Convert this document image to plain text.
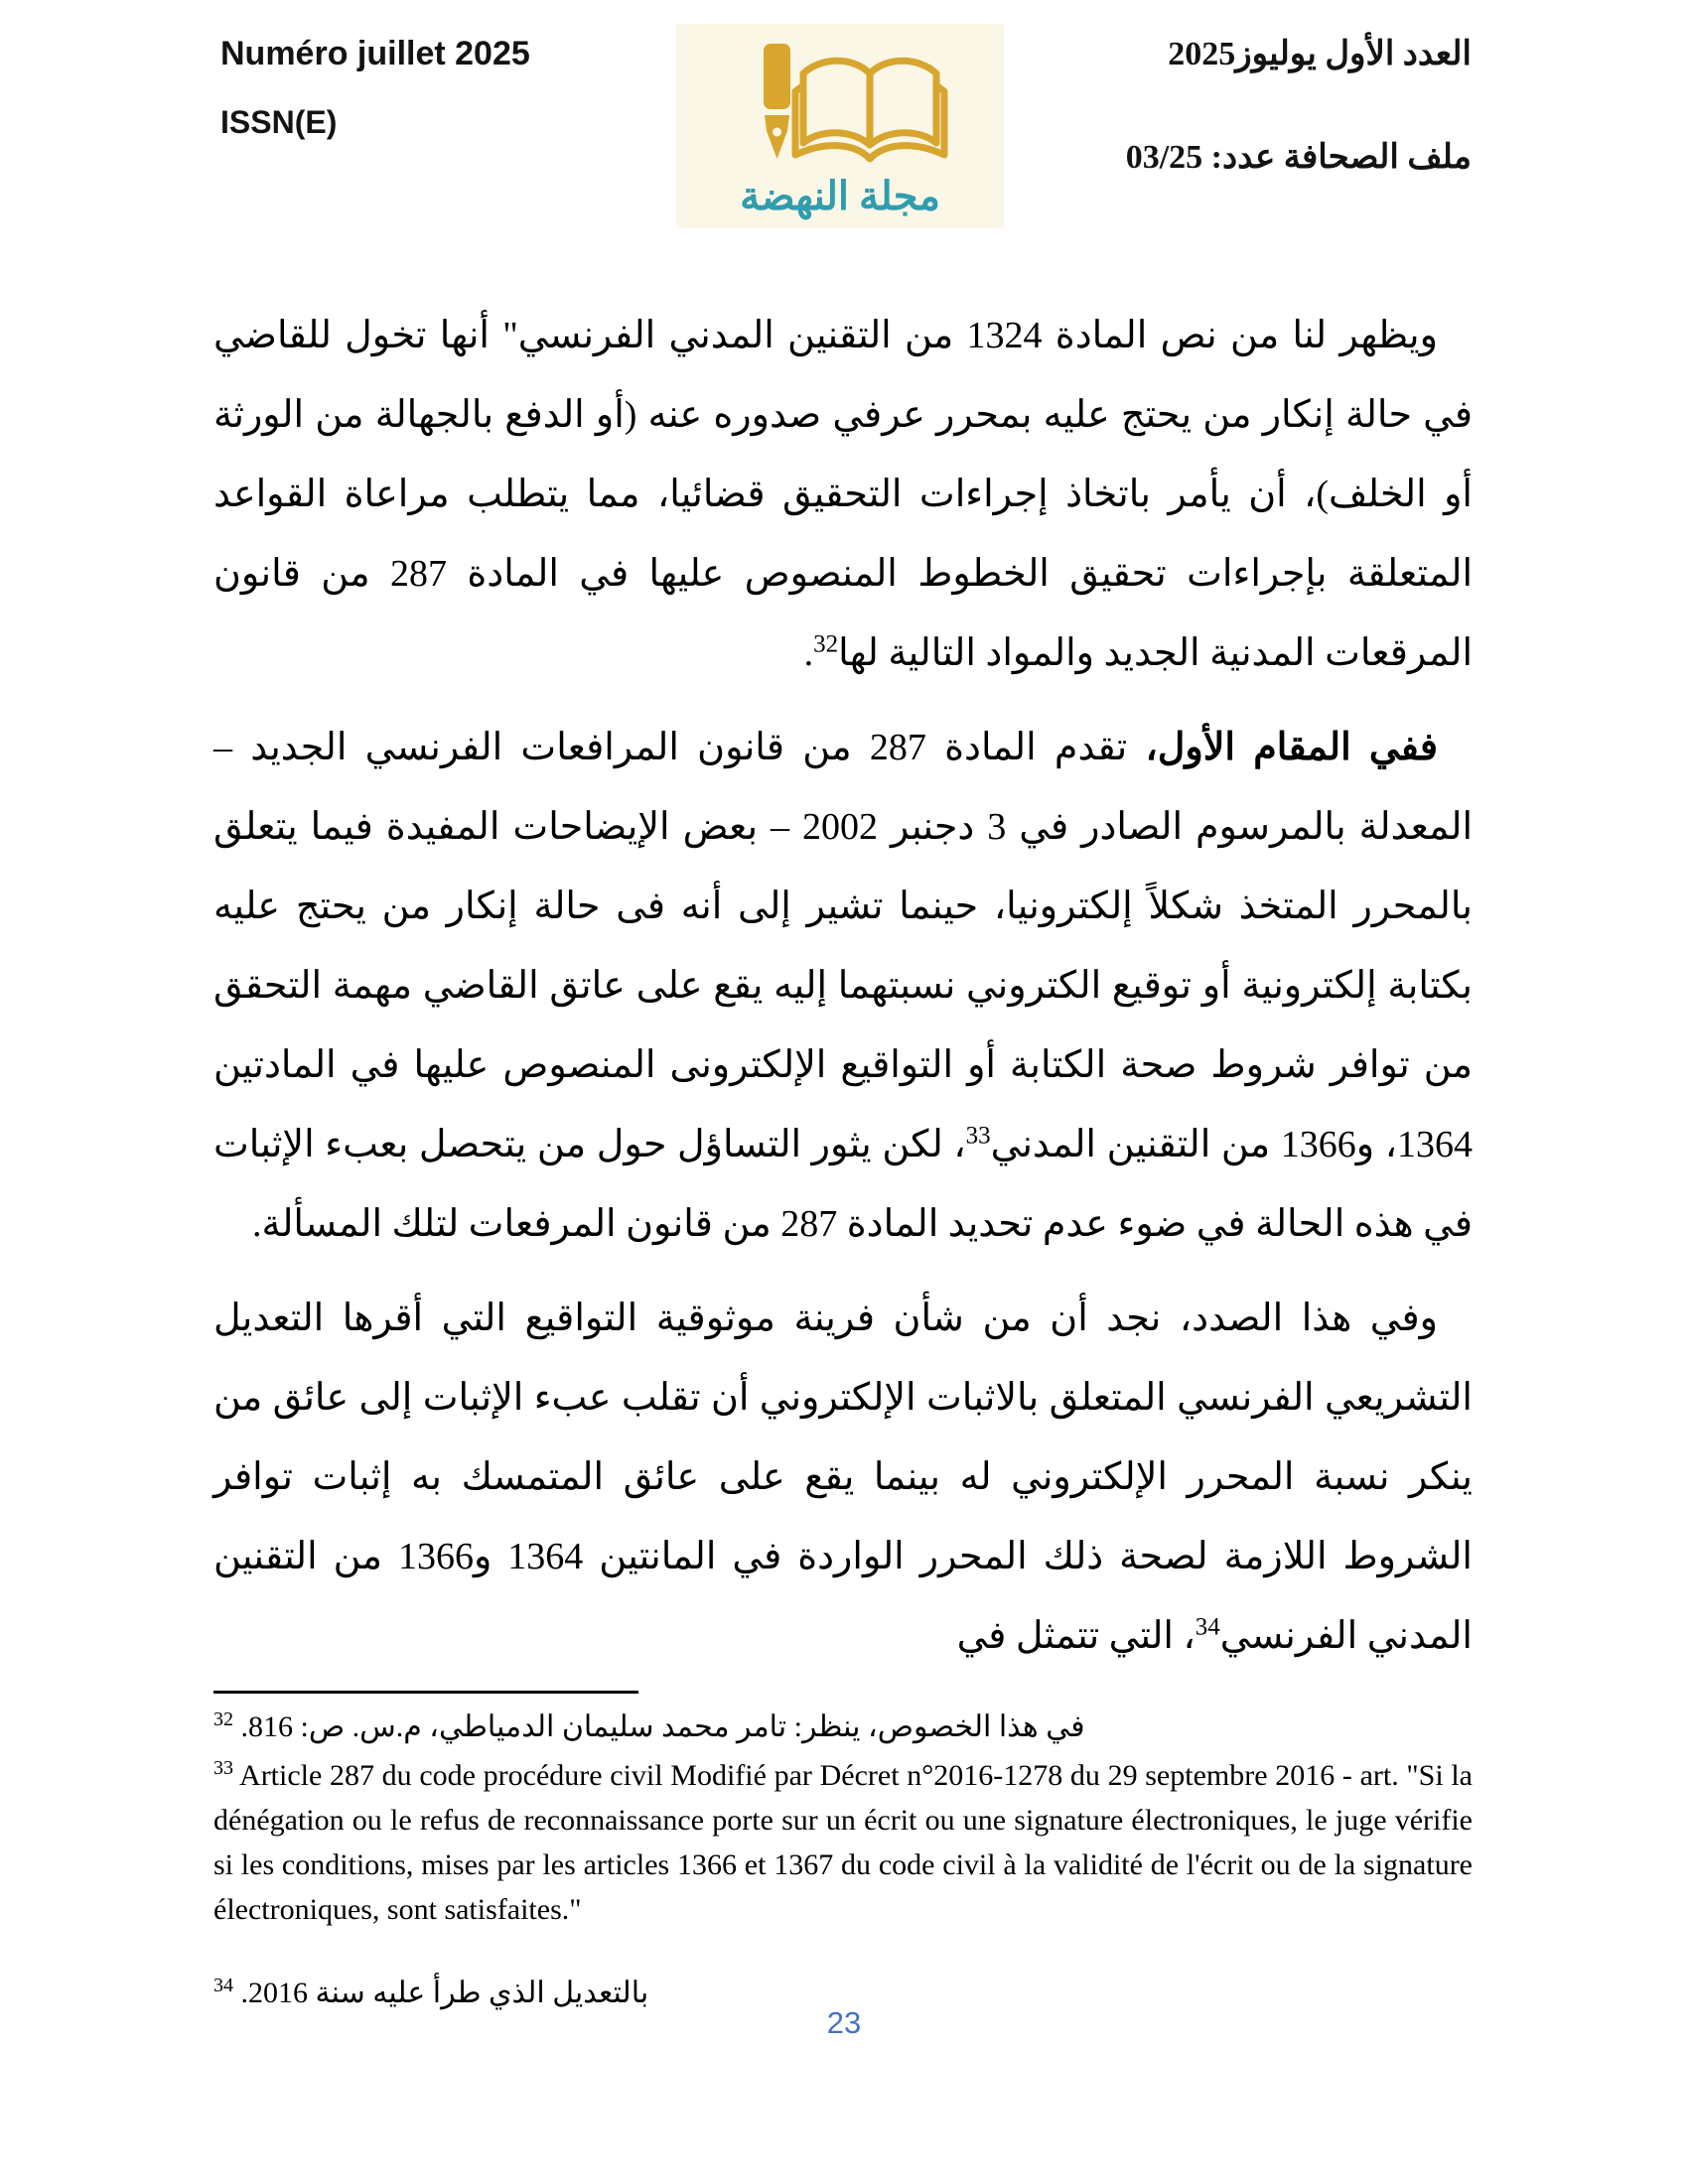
Numéro juillet 2025
ISSN(E)
مجلة النهضة
العدد الأول يوليوز2025
ملف الصحافة عدد: 03/25

ويظهر لنا من نص المادة 1324 من التقنين المدني الفرنسي" أنها تخول للقاضي في حالة إنكار من يحتج عليه بمحرر عرفي صدوره عنه (أو الدفع بالجهالة من الورثة أو الخلف)، أن يأمر باتخاذ إجراءات التحقيق قضائيا، مما يتطلب مراعاة القواعد المتعلقة بإجراءات تحقيق الخطوط المنصوص عليها في المادة 287 من قانون المرقعات المدنية الجديد والمواد التالية لها$^{32}$.

ففي المقام الأول، تقدم المادة 287 من قانون المرافعات الفرنسي الجديد – المعدلة بالمرسوم الصادر في 3 دجنبر 2002 – بعض الإيضاحات المفيدة فيما يتعلق بالمحرر المتخذ شكلاً إلكترونيا، حينما تشير إلى أنه فى حالة إنكار من يحتج عليه بكتابة إلكترونية أو توقيع الكتروني نسبتهما إليه يقع على عاتق القاضي مهمة التحقق من توافر شروط صحة الكتابة أو التواقيع الإلكترونى المنصوص عليها في المادتين 1364، و1366 من التقنين المدني$^{33}$، لكن يثور التساؤل حول من يتحصل بعبء الإثبات في هذه الحالة في ضوء عدم تحديد المادة 287 من قانون المرفعات لتلك المسألة.

وفي هذا الصدد، نجد أن من شأن فرينة موثوقية التواقيع التي أقرها التعديل التشريعي الفرنسي المتعلق بالاثبات الإلكتروني أن تقلب عبء الإثبات إلى عائق من ينكر نسبة المحرر الإلكتروني له بينما يقع على عائق المتمسك به إثبات توافر الشروط اللازمة لصحة ذلك المحرر الواردة في المانتين 1364 و1366 من التقنين المدني الفرنسي$^{34}$، التي تتمثل في

$^{32}$ في هذا الخصوص، ينظر: تامر محمد سليمان الدمياطي، م.س. ص: 816.
$^{33}$ Article 287 du code procédure civil Modifié par Décret n°2016-1278 du 29 septembre 2016 - art. "Si la dénégation ou le refus de reconnaissance porte sur un écrit ou une signature électroniques, le juge vérifie si les conditions, mises par les articles 1366 et 1367 du code civil à la validité de l'écrit ou de la signature électroniques, sont satisfaites."
$^{34}$ بالتعديل الذي طرأ عليه سنة 2016.
23
